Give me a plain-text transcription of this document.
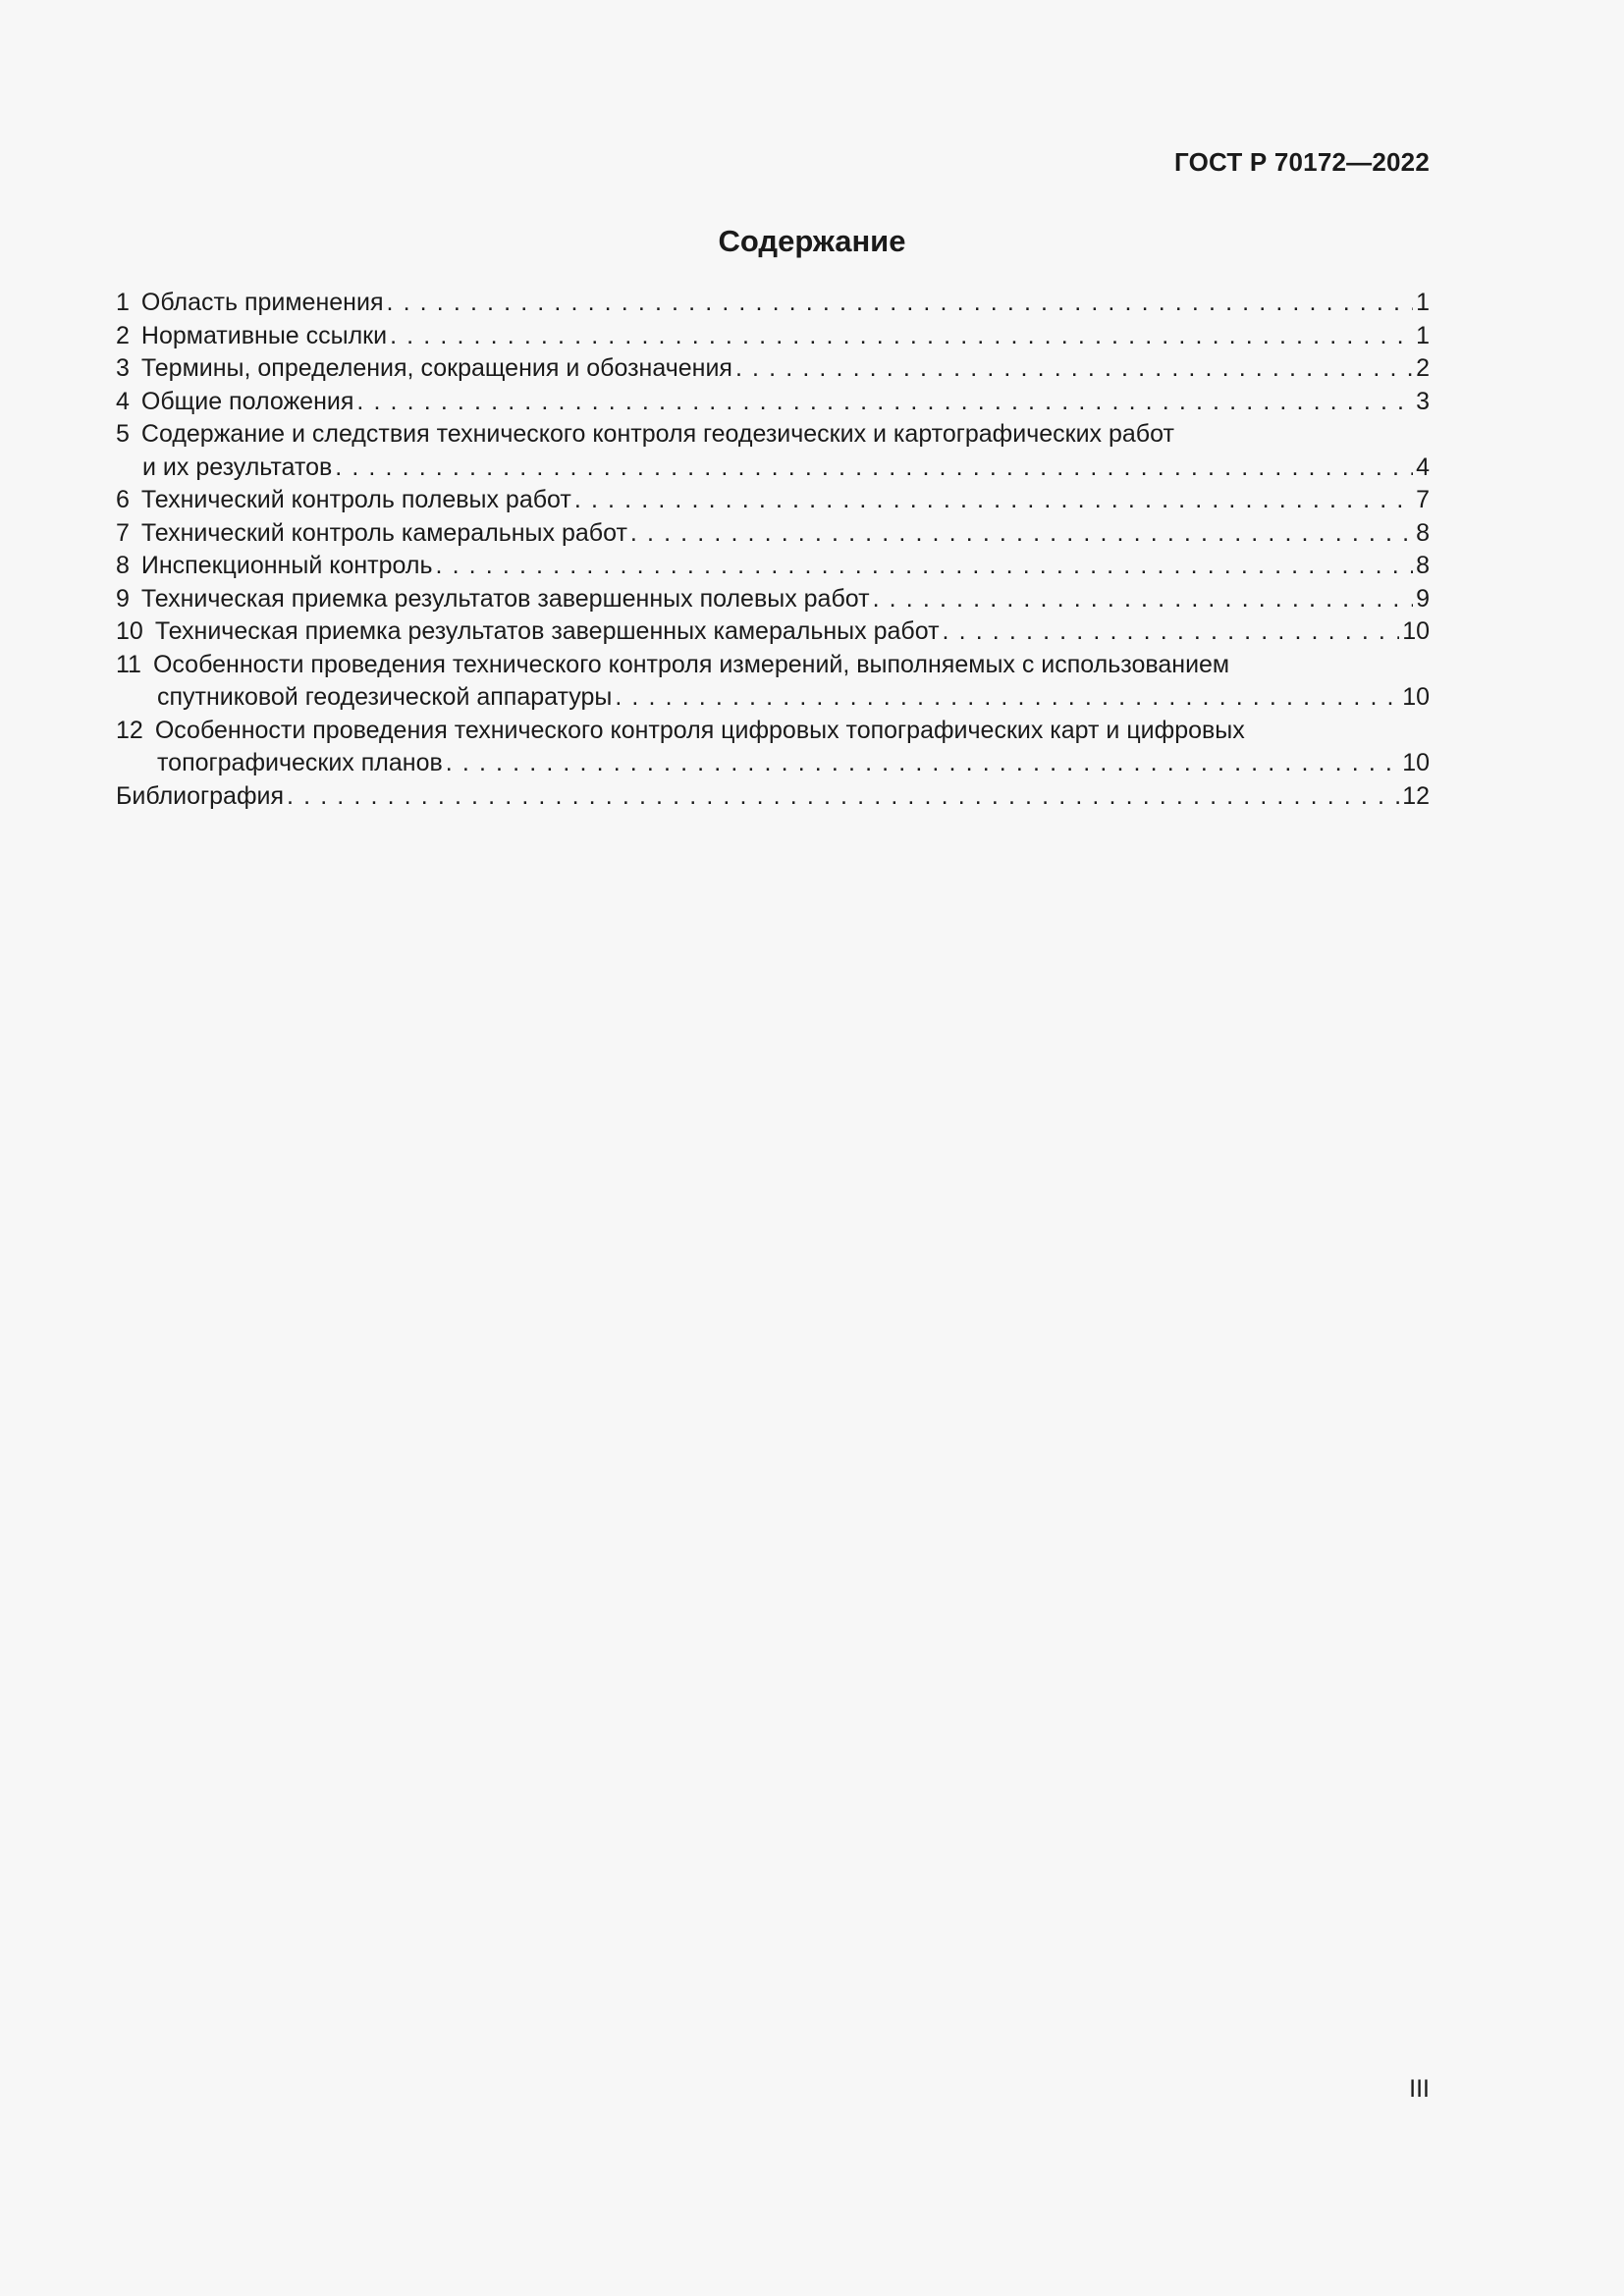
ГОСТ Р 70172—2022
Содержание
1 Область применения . . .	1
2 Нормативные ссылки . . .	1
3 Термины, определения, сокращения и обозначения . . .	2
4 Общие положения . . .	3
5 Содержание и следствия технического контроля геодезических и картографических работ
и их результатов . . .	4
6 Технический контроль полевых работ . . .	7
7 Технический контроль камеральных работ . . .	8
8 Инспекционный контроль . . .	8
9 Техническая приемка результатов завершенных полевых работ . . .	9
10 Техническая приемка результатов завершенных камеральных работ . . .	10
11 Особенности проведения технического контроля измерений, выполняемых с использованием
спутниковой геодезической аппаратуры . . .	10
12 Особенности проведения технического контроля цифровых топографических карт и цифровых
топографических планов . . .	10
Библиография . . .	12
III
